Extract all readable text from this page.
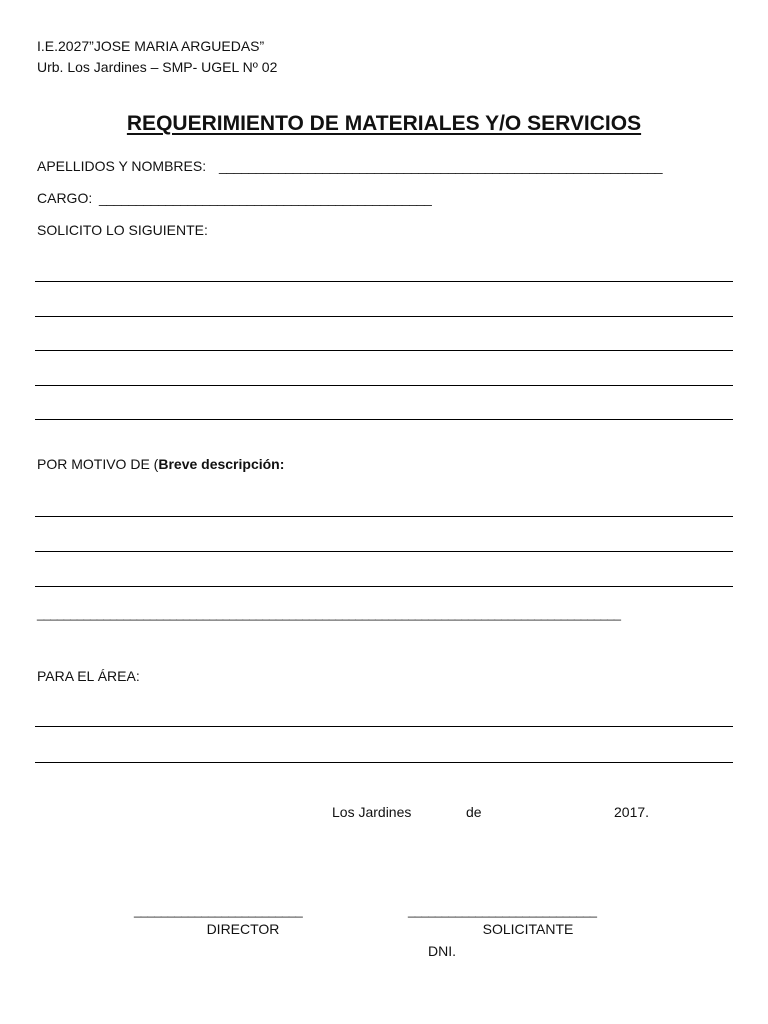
I.E.2027”JOSE MARIA ARGUEDAS”
Urb. Los Jardines – SMP- UGEL Nº 02
REQUERIMIENTO DE MATERIALES Y/O SERVICIOS
APELLIDOS Y NOMBRES: ____________________________________________________________
CARGO: _____________________________________________
SOLICITO LO SIGUIENTE:
POR MOTIVO DE (Breve descripción:
________________________________________________________________________________________
PARA EL ÁREA:
Los Jardines	de	2017.
_________________________
DIRECTOR
____________________________
SOLICITANTE
DNI.
